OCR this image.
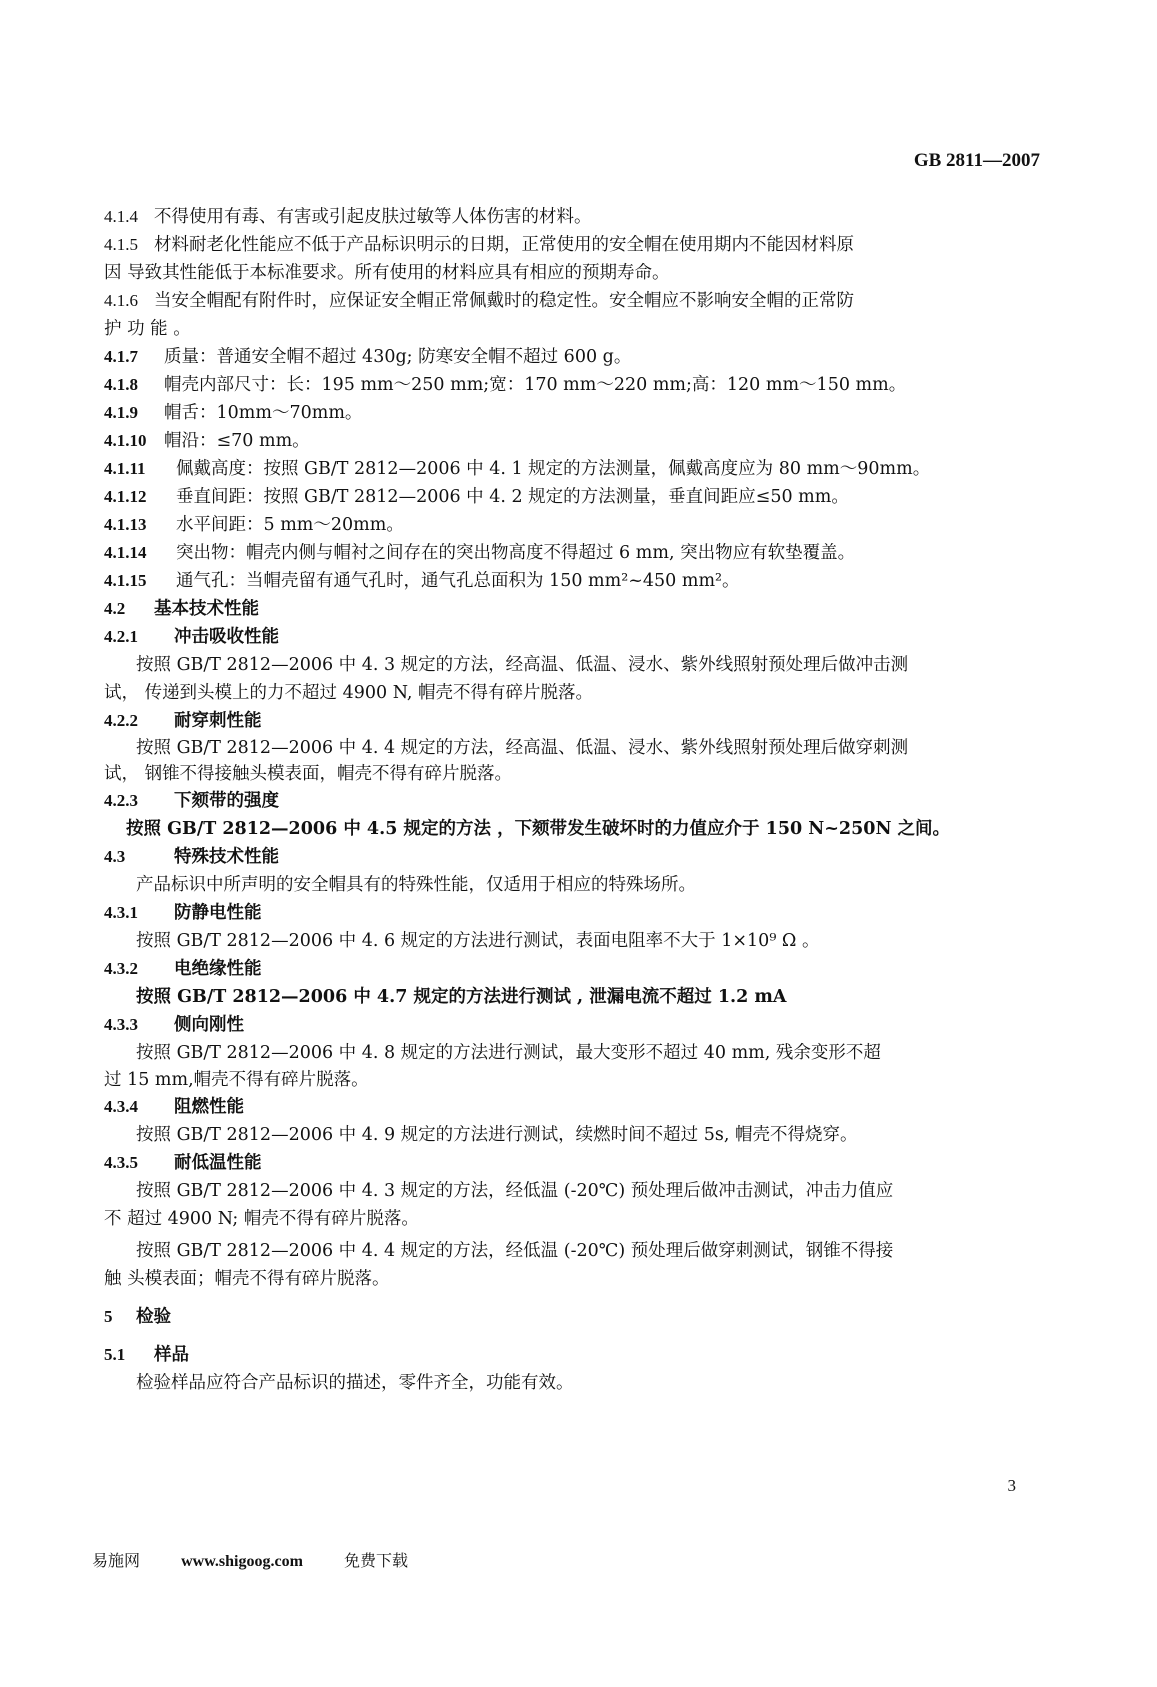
GB 2811—2007
4.1.4 不得使用有毒、有害或引起皮肤过敏等人体伤害的材料。
4.1.5 材料耐老化性能应不低于产品标识明示的日期，正常使用的安全帽在使用期内不能因材料原
因 导致其性能低于本标准要求。所有使用的材料应具有相应的预期寿命。
4.1.6 当安全帽配有附件时，应保证安全帽正常佩戴时的稳定性。安全帽应不影响安全帽的正常防
护 功 能 。
4.1.7 质量：普通安全帽不超过 430g; 防寒安全帽不超过 600 g。
4.1.8 帽壳内部尺寸：长：195 mm～250 mm;宽：170 mm～220 mm;高：120 mm～150 mm。
4.1.9 帽舌：10mm～70mm。
4.1.10 帽沿：≤70 mm。
4.1.11 佩戴高度：按照 GB/T 2812—2006 中 4. 1 规定的方法测量，佩戴高度应为 80 mm～90mm。
4.1.12 垂直间距：按照 GB/T 2812—2006 中 4. 2 规定的方法测量，垂直间距应≤50 mm。
4.1.13 水平间距：5 mm～20mm。
4.1.14 突出物：帽壳内侧与帽衬之间存在的突出物高度不得超过 6 mm, 突出物应有软垫覆盖。
4.1.15 通气孔：当帽壳留有通气孔时，通气孔总面积为 150 mm²~450 mm²。
4.2 基本技术性能
4.2.1 冲击吸收性能
按照 GB/T 2812—2006 中 4. 3 规定的方法，经高温、低温、浸水、紫外线照射预处理后做冲击测
试， 传递到头模上的力不超过 4900 N, 帽壳不得有碎片脱落。
4.2.2 耐穿刺性能
按照 GB/T 2812—2006 中 4. 4 规定的方法，经高温、低温、浸水、紫外线照射预处理后做穿刺测
试， 钢锥不得接触头模表面，帽壳不得有碎片脱落。
4.2.3 下颏带的强度
按照 GB/T 2812—2006 中 4.5 规定的方法 ，下颏带发生破坏时的力值应介于 150 N~250N 之间。
4.3	特殊技术性能
产品标识中所声明的安全帽具有的特殊性能，仅适用于相应的特殊场所。
4.3.1 防静电性能
按照 GB/T 2812—2006 中 4. 6 规定的方法进行测试，表面电阻率不大于 1×10⁹ Ω 。
4.3.2 电绝缘性能
按照 GB/T 2812—2006 中 4.7 规定的方法进行测试 , 泄漏电流不超过 1.2 mA
4.3.3 侧向刚性
按照 GB/T 2812—2006 中 4. 8 规定的方法进行测试，最大变形不超过 40 mm, 残余变形不超
过 15 mm,帽壳不得有碎片脱落。
4.3.4 阻燃性能
按照 GB/T 2812—2006 中 4. 9 规定的方法进行测试，续燃时间不超过 5s, 帽壳不得烧穿。
4.3.5 耐低温性能
按照 GB/T 2812—2006 中 4. 3 规定的方法，经低温 (-20℃) 预处理后做冲击测试，冲击力值应
不 超过 4900 N; 帽壳不得有碎片脱落。
按照 GB/T 2812—2006 中 4. 4 规定的方法，经低温 (-20℃) 预处理后做穿刺测试，钢锥不得接
触 头模表面；帽壳不得有碎片脱落。
5 检验
5.1 样品
检验样品应符合产品标识的描述，零件齐全，功能有效。
3
易施网	www.shigoog.com	免费下载
